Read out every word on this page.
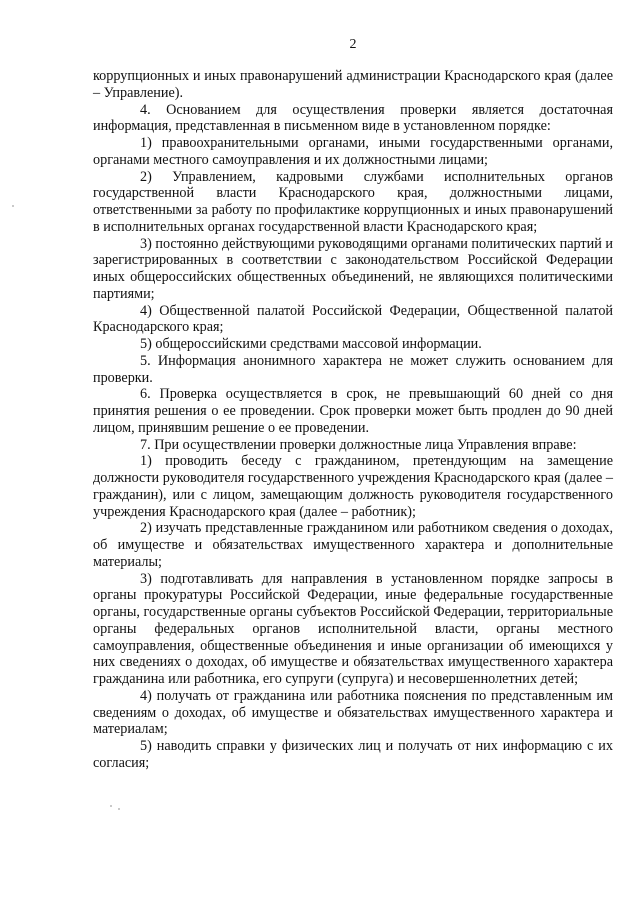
2

коррупционных и иных правонарушений администрации Краснодарского края (далее – Управление).

4. Основанием для осуществления проверки является достаточная информация, представленная в письменном виде в установленном порядке:

1) правоохранительными органами, иными государственными органами, органами местного самоуправления и их должностными лицами;

2) Управлением, кадровыми службами исполнительных органов государственной власти Краснодарского края, должностными лицами, ответственными за работу по профилактике коррупционных и иных правонарушений в исполнительных органах государственной власти Краснодарского края;

3) постоянно действующими руководящими органами политических партий и зарегистрированных в соответствии с законодательством Российской Федерации иных общероссийских общественных объединений, не являющихся политическими партиями;

4) Общественной палатой Российской Федерации, Общественной палатой Краснодарского края;

5) общероссийскими средствами массовой информации.

5. Информация анонимного характера не может служить основанием для проверки.

6. Проверка осуществляется в срок, не превышающий 60 дней со дня принятия решения о ее проведении. Срок проверки может быть продлен до 90 дней лицом, принявшим решение о ее проведении.

7. При осуществлении проверки должностные лица Управления вправе:

1) проводить беседу с гражданином, претендующим на замещение должности руководителя государственного учреждения Краснодарского края (далее – гражданин), или с лицом, замещающим должность руководителя государственного учреждения Краснодарского края (далее – работник);

2) изучать представленные гражданином или работником сведения о доходах, об имуществе и обязательствах имущественного характера и дополнительные материалы;

3) подготавливать для направления в установленном порядке запросы в органы прокуратуры Российской Федерации, иные федеральные государственные органы, государственные органы субъектов Российской Федерации, территориальные органы федеральных органов исполнительной власти, органы местного самоуправления, общественные объединения и иные организации об имеющихся у них сведениях о доходах, об имуществе и обязательствах имущественного характера гражданина или работника, его супруги (супруга) и несовершеннолетних детей;

4) получать от гражданина или работника пояснения по представленным им сведениям о доходах, об имуществе и обязательствах имущественного характера и материалам;

5) наводить справки у физических лиц и получать от них информацию с их согласия;
